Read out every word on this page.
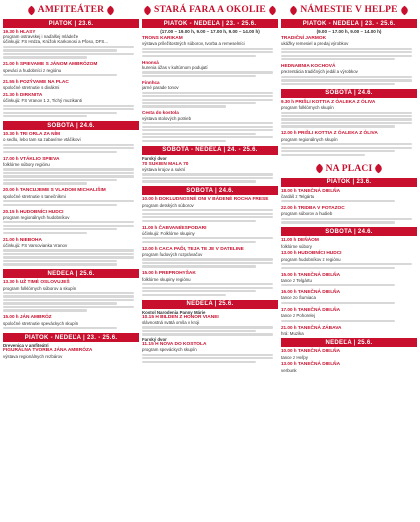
AMFITEÁTER
PIATOK | 23.6.
19.30 h HLASY
program ostravskej i naďalšej mládeže
účinkujú: FS Hrdza, Krúžok Karkonosi a Pľoso, DFS...
21.00 h SPIEVAME S JÁNOM AMBRÓZOM
speváci a hudobníci z regiónu
21.55 h POZÝVAME NA PLAC
spoločné stretnutie s divákmi
21.30 h DIRKNITA
účinkujú: FS Vranov 1 2, Tichý muzikanti
SOBOTA | 24.6.
10.30 h TRI ORLA ZA NÍM
o sedlo, lebo tam sa zabavíme vtáčikovi
17.00 h VTÁKLIO SPIEVA
folklórne súbory regiónu
20.00 h TANCUJEME S VLADOM MICHALIŠIM
spoločné stretnutie s tanečníkmi
20.15 h HUDOBNÍCI HUDCI
program regionálnych hudobníkov
21.00 h NIEBOHA
účinkujú: FS Varsovianka Vranov
NEDEĽA | 25.6.
13.30 h UŽ TIMÉ OSLOVUJEŠ
program folklórnych súborov a skupín
15.00 h JÁN AMBRÓZ
spoločné stretnutie speváckych skupín
PIATOK - NEDEĽA | 23. - 25.6.
Drevenica v amfiteátri
FIGURÁLNA TVORBA JÁNA AMBRÓZA
výstava regionálnych rezbárov
STARÁ FARA A OKOLIE
PIATOK - NEDEĽA | 23. - 25.6.
(17.00 – 19.00 h, 9.00 – 17.00 h, 9.00 – 14.00 h)
TRONS KARIKAM
výstava príležitostných súborov, tvorba a remeselníci
Hnonsá
kurenia úžas v kultúrnom podujatí
Finnhca
jarné parade tonov
Cesta do kostola
výstava stolových potrieb
SOBOTA - NEDEĽA | 24. - 25.6.
Farský dvor
70 SUKIEN MALA 70
výstava krojov a sukní
SOBOTA | 24.6.
10.00 h DOKLUDNOSNÉ ONI V BÁDENÉ ROCHA FRESE
program detských súborov
11.00 h ČABVANI/ESPODARI
účinkujú: Folklórne skupiny
12.00 h CACA PAĎI, TEJA TE JE V DATELINE
program ľudových rozprávačov
15.00 h PREPROHYŠAK
folklórne skupiny regiónu
NEDEĽA | 25.6.
Kostol Narodenia Panny Márie
10.15 H BILDEN Z HONOR VIANEI
slávnostná svätá omša v kroji
Farský dvor
11.15 H NOVA DO KOSTOLA
program speváckych skupín
NÁMESTIE V HELPE
PIATOK - NEDEĽA | 23. - 25.6.
(9.00 – 17.00 h, 9.00 – 14.00 h)
TRADIČNÍ JARMOK
ukážky remesiel a predaj výrobkov
HEDNABNIA KOCHOVÁ
prezentácia tradičných jedál a výrobkov
SOBOTA | 24.6.
9.30 h PRIŠLI KOTTIA Z ÓALEKA Z ÓLIVA
program folklórnych skupín
12.00 h PRIŠLI KOTTIA Z ÓALEKA Z ÓLIVA
program regionálnych skupín
NA PLACI
PIATOK | 23.6.
18.00 h TANEČNÁ DIELŇA
čardáš z Telgártu
22.00 h TRIDBA V POTAZOC
program súborov a hudieb
SOBOTA | 24.6.
11.00 h DEŇÁOM
folklórne súbory
13.00 h HUDOBNÍCI HUDCI
program hudobníkov z regiónu
15.00 h TANEČNÁ DIELŇA
tance z Telgártu
16.00 h TANEČNÁ DIELŇA
tance zo Šumiaca
17.00 h TANEČNÁ DIELŇA
tance z Pohorelej
21.00 h TANEČNÁ ZÁBAVA
hrá: Muzika
NEDEĽA | 25.6.
10.00 h TANEČNÁ DIELŇA
tance z Heľpy
13.00 h TANEČNÁ DIELŇA
verbunk
